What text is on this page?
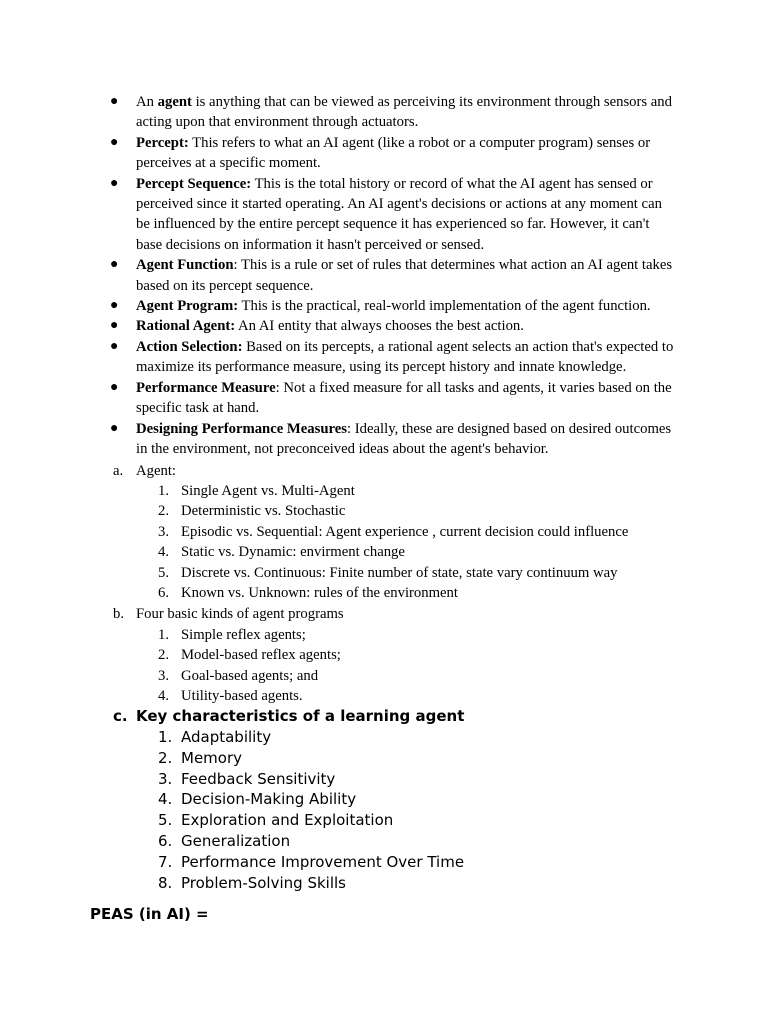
● An agent is anything that can be viewed as perceiving its environment through sensors and acting upon that environment through actuators.
● Percept: This refers to what an AI agent (like a robot or a computer program) senses or perceives at a specific moment.
● Percept Sequence: This is the total history or record of what the AI agent has sensed or perceived since it started operating. An AI agent's decisions or actions at any moment can be influenced by the entire percept sequence it has experienced so far. However, it can't base decisions on information it hasn't perceived or sensed.
● Agent Function: This is a rule or set of rules that determines what action an AI agent takes based on its percept sequence.
● Agent Program: This is the practical, real-world implementation of the agent function.
● Rational Agent: An AI entity that always chooses the best action.
● Action Selection: Based on its percepts, a rational agent selects an action that's expected to maximize its performance measure, using its percept history and innate knowledge.
● Performance Measure: Not a fixed measure for all tasks and agents, it varies based on the specific task at hand.
● Designing Performance Measures: Ideally, these are designed based on desired outcomes in the environment, not preconceived ideas about the agent's behavior.
a. Agent:
1. Single Agent vs. Multi-Agent
2. Deterministic vs. Stochastic
3. Episodic vs. Sequential: Agent experience , current decision could influence
4. Static vs. Dynamic: envirment change
5. Discrete vs. Continuous: Finite number of state, state vary continuum way
6. Known vs. Unknown: rules of the environment
b. Four basic kinds of agent programs
1. Simple reflex agents;
2. Model-based reflex agents;
3. Goal-based agents; and
4. Utility-based agents.
c. Key characteristics of a learning agent
1. Adaptability
2. Memory
3. Feedback Sensitivity
4. Decision-Making Ability
5. Exploration and Exploitation
6. Generalization
7. Performance Improvement Over Time
8. Problem-Solving Skills
PEAS (in AI) =
